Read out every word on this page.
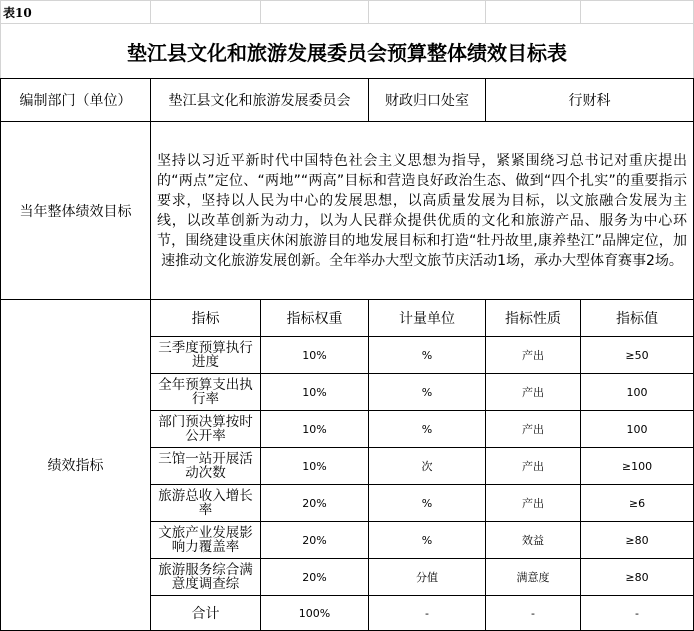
表10
垫江县文化和旅游发展委员会预算整体绩效目标表
编制部门（单位）	垫江县文化和旅游发展委员会	财政归口处室	行财科
当年整体绩效目标
坚持以习近平新时代中国特色社会主义思想为指导，紧紧围绕习总书记对重庆提出的“两点”定位、“两地”“两高”目标和营造良好政治生态、做到“四个扎实”的重要指示要求，坚持以人民为中心的发展思想，以高质量发展为目标，以文旅融合发展为主线，以改革创新为动力，以为人民群众提供优质的文化和旅游产品、服务为中心环节，围绕建设重庆休闲旅游目的地发展目标和打造“牡丹故里,康养垫江”品牌定位，加速推动文化旅游发展创新。全年举办大型文旅节庆活动1场，承办大型体育赛事2场。
绩效指标
指标	指标权重	计量单位	指标性质	指标值
三季度预算执行进度	10%	%	产出	≥50
全年预算支出执行率	10%	%	产出	100
部门预决算按时公开率	10%	%	产出	100
三馆一站开展活动次数	10%	次	产出	≥100
旅游总收入增长率	20%	%	产出	≥6
文旅产业发展影响力覆盖率	20%	%	效益	≥80
旅游服务综合满意度调查综	20%	分值	满意度	≥80
合计	100%	-	-	-
